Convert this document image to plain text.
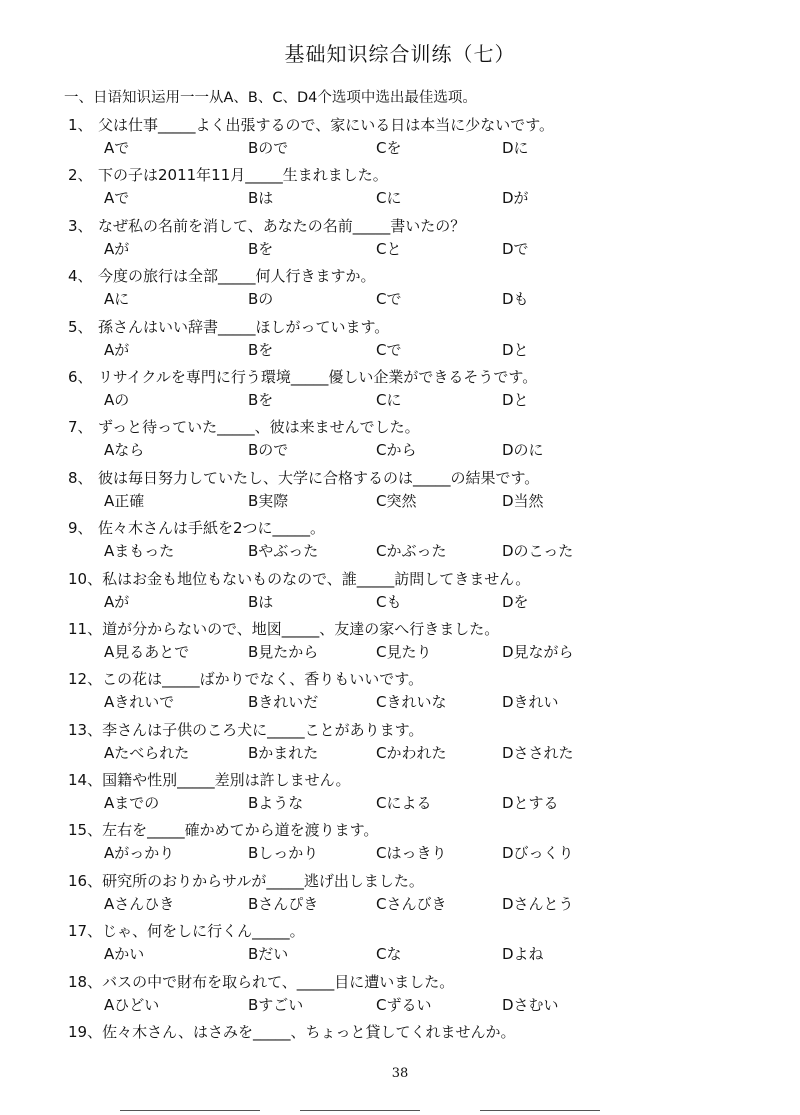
基础知识综合训练（七）
一、日语知识运用一一从A、B、C、D4个选项中选出最佳选项。
1、 父は仕事_____よく出張するので、家にいる日は本当に少ないです。
Aで	Bので	Cを	Dに
2、 下の子は2011年11月_____生まれました。
Aで	Bは	Cに	Dが
3、 なぜ私の名前を消して、あなたの名前_____書いたの？
Aが	Bを	Cと	Dで
4、 今度の旅行は全部_____何人行きますか。
Aに	Bの	Cで	Dも
5、 孫さんはいい辞書_____ほしがっています。
Aが	Bを	Cで	Dと
6、 リサイクルを専門に行う環境_____優しい企業ができるそうです。
Aの	Bを	Cに	Dと
7、 ずっと待っていた_____、彼は来ませんでした。
Aなら	Bので	Cから	Dのに
8、 彼は毎日努力していたし、大学に合格するのは_____の結果です。
A正確	B実際	C突然	D当然
9、 佐々木さんは手紙を2つに_____。
Aまもった	Bやぶった	Cかぶった	Dのこった
10、私はお金も地位もないものなので、誰_____訪問してきません。
Aが	Bは	Cも	Dを
11、道が分からないので、地図_____、友達の家へ行きました。
A見るあとで	B見たから	C見たり	D見ながら
12、この花は_____ばかりでなく、香りもいいです。
Aきれいで	Bきれいだ	Cきれいな	Dきれい
13、李さんは子供のころ犬に_____ことがあります。
Aたべられた	Bかまれた	Cかわれた	Dさされた
14、国籍や性別_____差別は許しません。
Aまでの	Bような	Cによる	Dとする
15、左右を_____確かめてから道を渡ります。
Aがっかり	Bしっかり	Cはっきり	Dびっくり
16、研究所のおりからサルが_____逃げ出しました。
Aさんひき	Bさんぴき	Cさんびき	Dさんとう
17、じゃ、何をしに行くん_____。
Aかい	Bだい	Cな	Dよね
18、バスの中で財布を取られて、_____目に遭いました。
Aひどい	Bすごい	Cずるい	Dさむい
19、佐々木さん、はさみを_____、ちょっと貸してくれませんか。
38
